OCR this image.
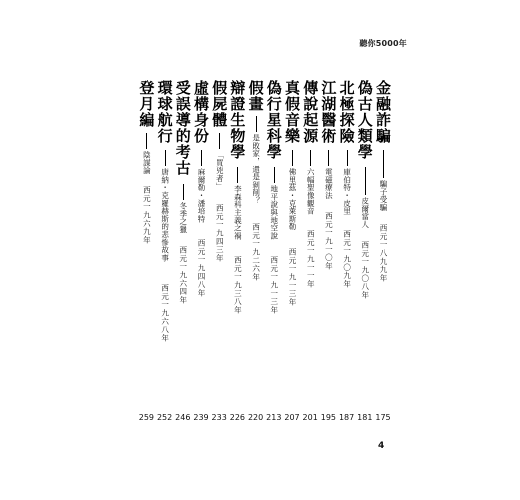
聽你5000年
金融詐騙
騙子受騙
西元一八九九年
偽古人類學
皮爾當人
西元一九〇八年
北極探險
庫伯特・皮里
西元一九〇九年
江湖醫術
電磁療法
西元一九一〇年
傳說起源
六幅聖像觀音
西元一九一一年
真假音樂
佛里茲・克萊斯勒
西元一九一三年
偽行星科學
地平說與地空說
西元一九一三年
假畫
是敗家，還是剝削？
西元一九二六年
辯證生物學
李森科主義之禍
西元一九三八年
假屍體
「買兇者」
西元一九四三年
虛構身份
麻爾勒・潘培特
西元一九四八年
受誤導的考古
冬季之獵
西元一九六四年
環球航行
唐納・克羅赫斯的悲慘故事
西元一九六八年
登月編
陰謀論
西元一九六九年
4
175
181
187
195
201
207
213
220
226
233
239
246
252
259
